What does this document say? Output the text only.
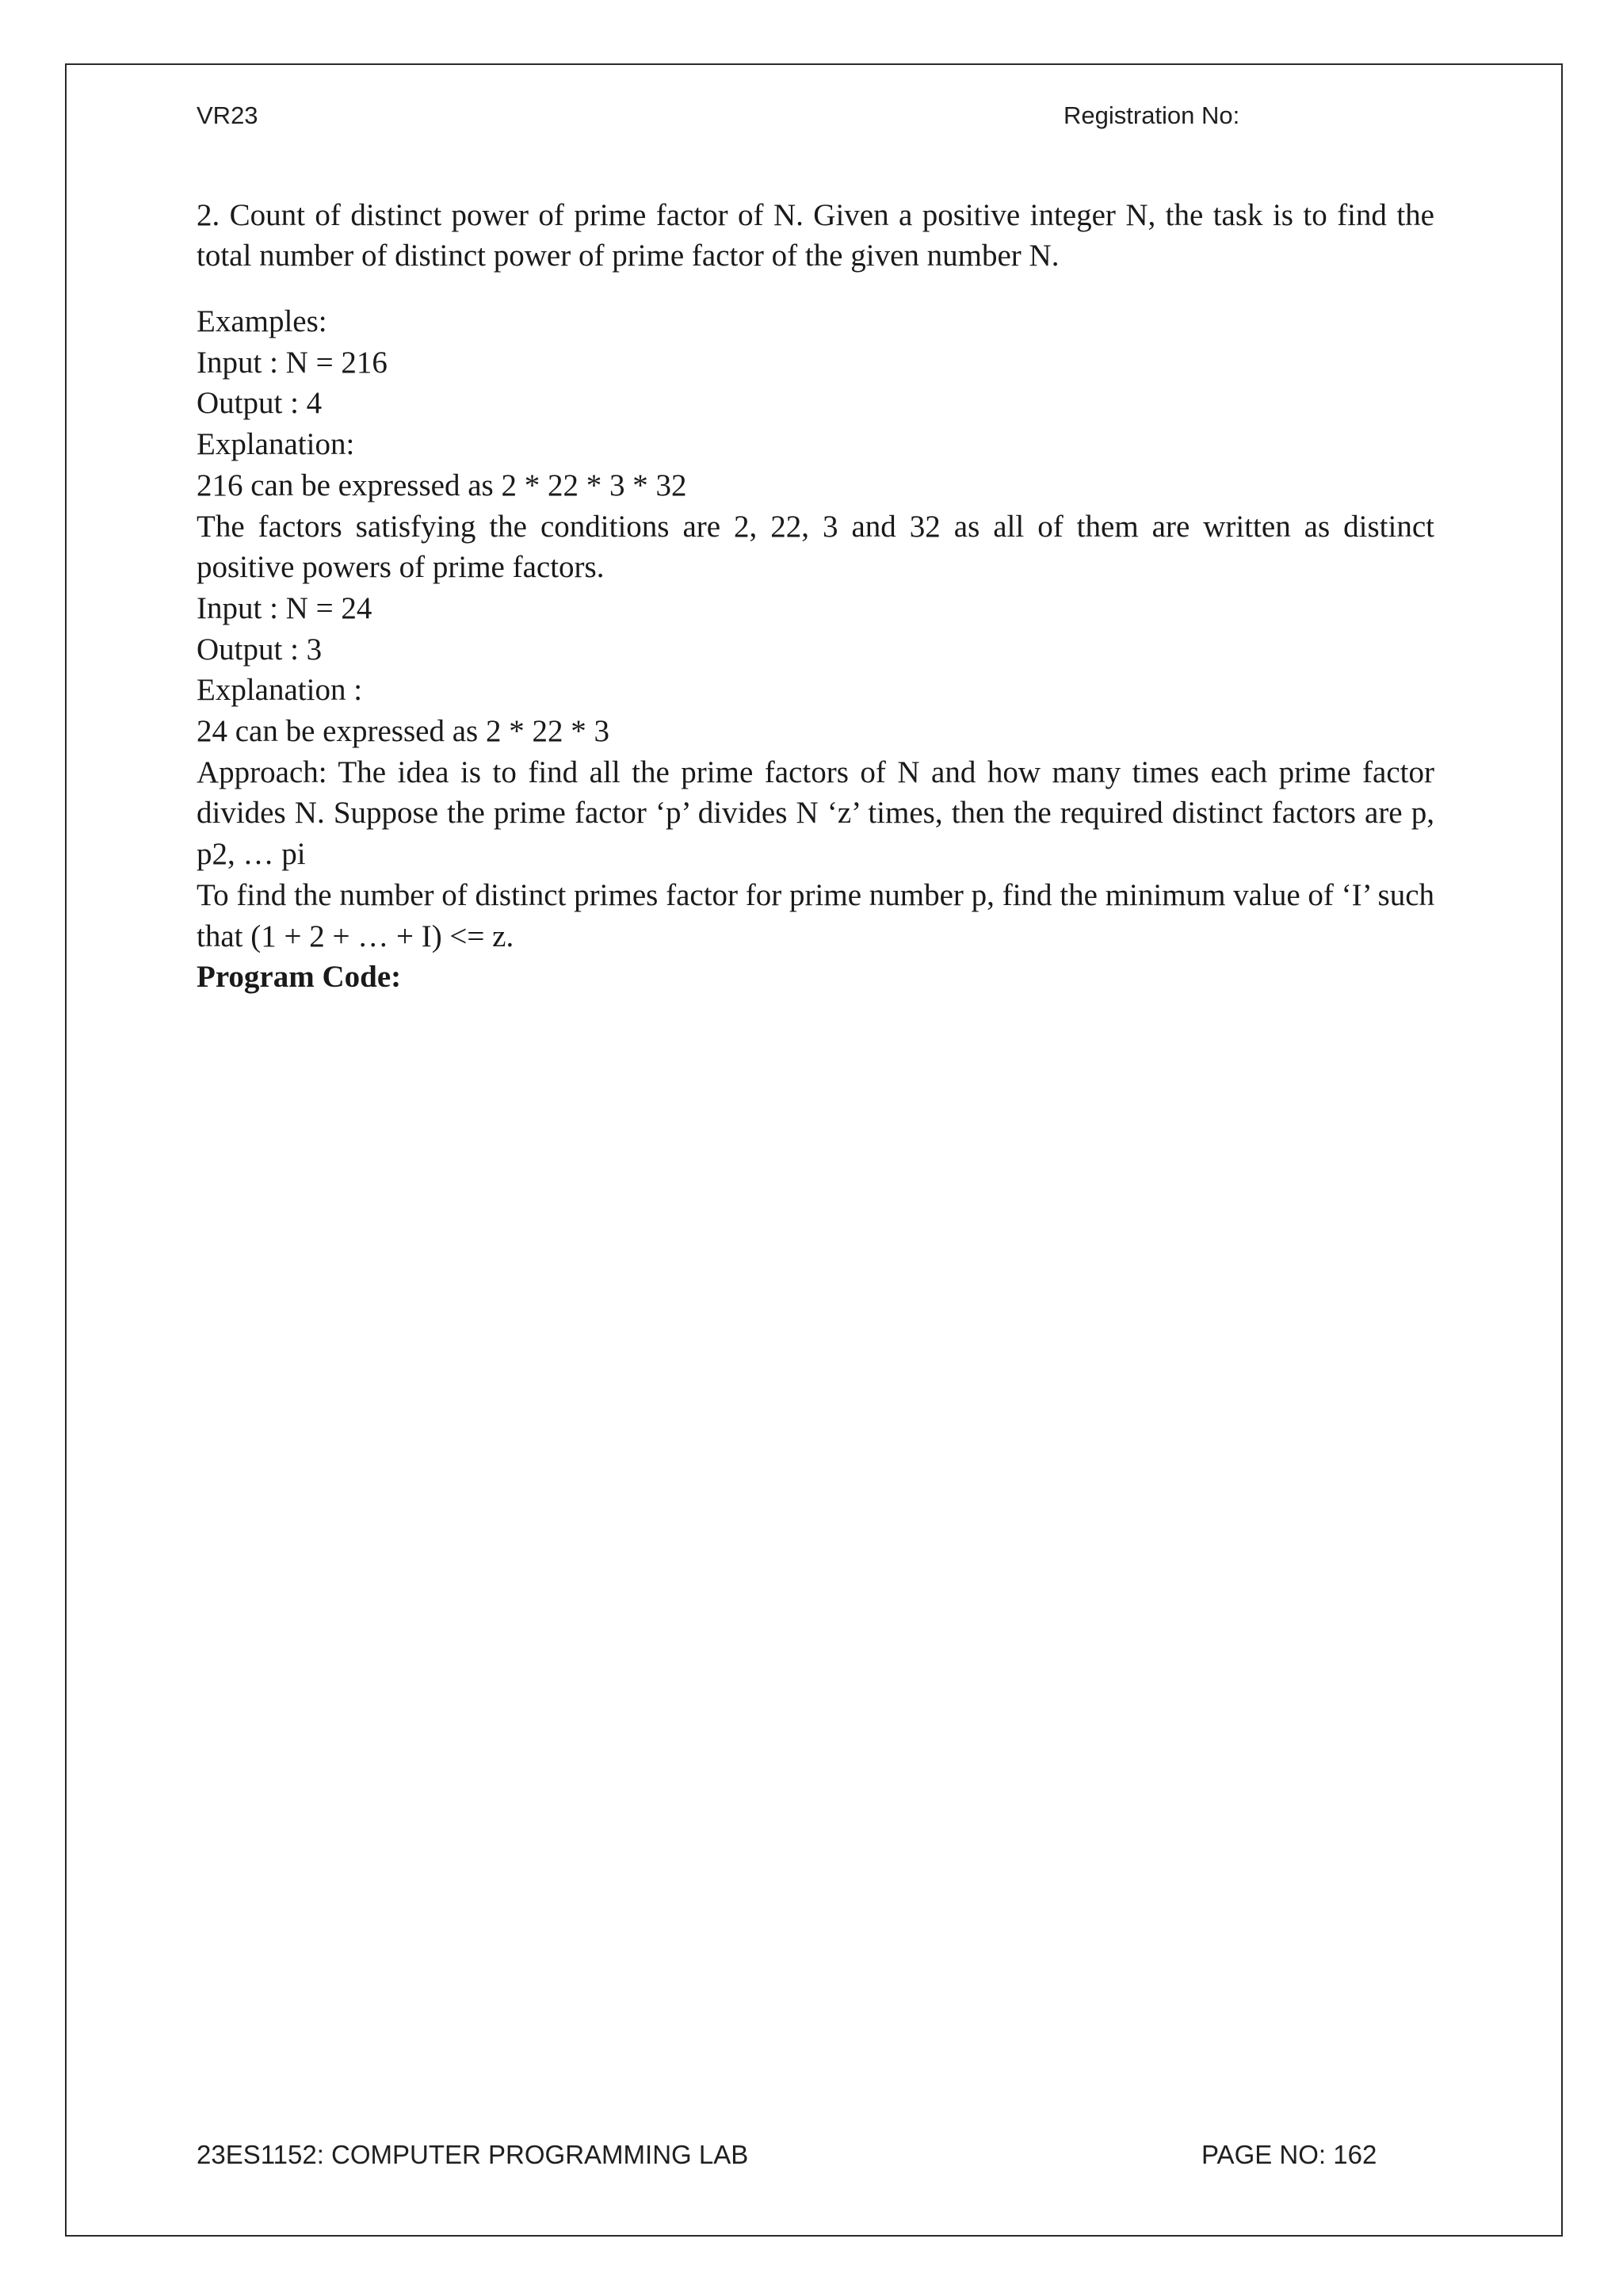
VR23	Registration No:
2. Count of distinct power of prime factor of N. Given a positive integer N, the task is to find the total number of distinct power of prime factor of the given number N.
Examples:
Input : N = 216
Output : 4
Explanation:
216 can be expressed as 2 * 22 * 3 * 32
The factors satisfying the conditions are 2, 22, 3 and 32 as all of them are written as distinct positive powers of prime factors.
Input : N = 24
Output : 3
Explanation :
24 can be expressed as 2 * 22 * 3
Approach: The idea is to find all the prime factors of N and how many times each prime factor divides N. Suppose the prime factor ‘p’ divides N ‘z’ times, then the required distinct factors are p, p2, … pi
To find the number of distinct primes factor for prime number p, find the minimum value of ‘I’ such that (1 + 2 + … + I) <= z.
Program Code:
23ES1152: COMPUTER PROGRAMMING LAB	PAGE NO: 162
